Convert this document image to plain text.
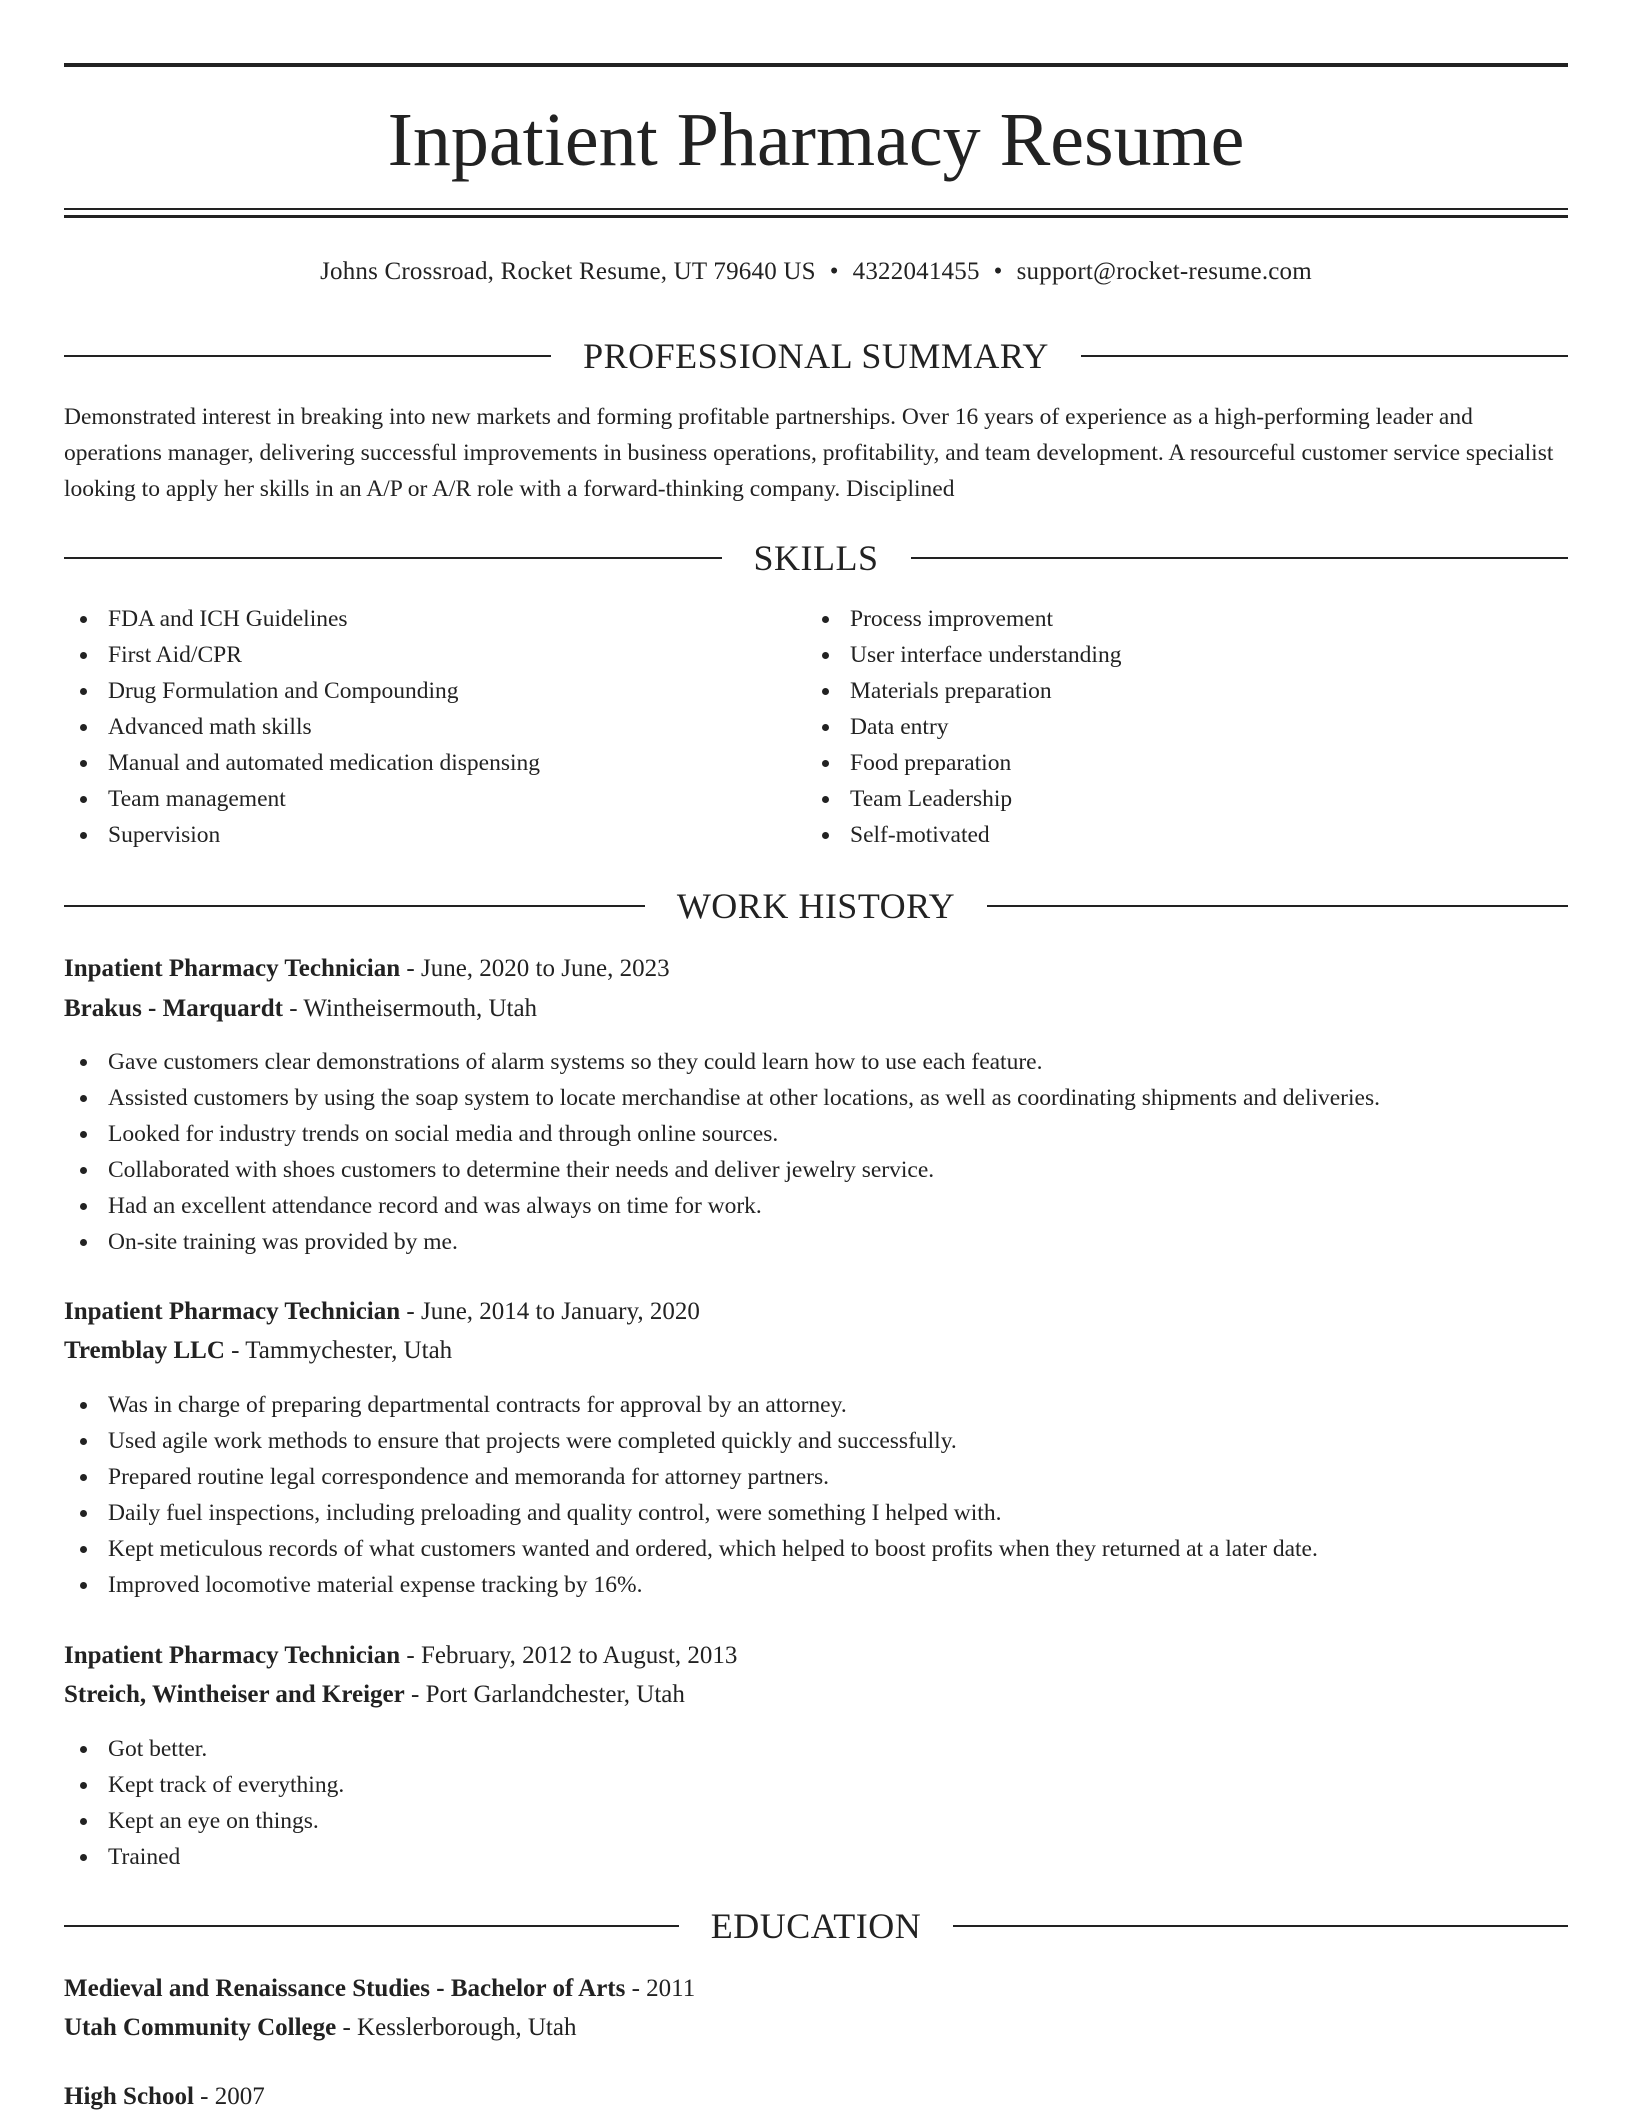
Inpatient Pharmacy Resume
Johns Crossroad, Rocket Resume, UT 79640 US • 4322041455 • support@rocket-resume.com
PROFESSIONAL SUMMARY

Demonstrated interest in breaking into new markets and forming profitable partnerships. Over 16 years of experience as a high-performing leader and operations manager, delivering successful improvements in business operations, profitability, and team development. A resourceful customer service specialist looking to apply her skills in an A/P or A/R role with a forward-thinking company. Disciplined

SKILLS
FDA and ICH Guidelines
First Aid/CPR
Drug Formulation and Compounding
Advanced math skills
Manual and automated medication dispensing
Team management
Supervision
Process improvement
User interface understanding
Materials preparation
Data entry
Food preparation
Team Leadership
Self-motivated
WORK HISTORY
Inpatient Pharmacy Technician - June, 2020 to June, 2023
Brakus - Marquardt - Wintheisermouth, Utah
Gave customers clear demonstrations of alarm systems so they could learn how to use each feature.
Assisted customers by using the soap system to locate merchandise at other locations, as well as coordinating shipments and deliveries.
Looked for industry trends on social media and through online sources.
Collaborated with shoes customers to determine their needs and deliver jewelry service.
Had an excellent attendance record and was always on time for work.
On-site training was provided by me.
Inpatient Pharmacy Technician - June, 2014 to January, 2020
Tremblay LLC - Tammychester, Utah
Was in charge of preparing departmental contracts for approval by an attorney.
Used agile work methods to ensure that projects were completed quickly and successfully.
Prepared routine legal correspondence and memoranda for attorney partners.
Daily fuel inspections, including preloading and quality control, were something I helped with.
Kept meticulous records of what customers wanted and ordered, which helped to boost profits when they returned at a later date.
Improved locomotive material expense tracking by 16%.
Inpatient Pharmacy Technician - February, 2012 to August, 2013
Streich, Wintheiser and Kreiger - Port Garlandchester, Utah
Got better.
Kept track of everything.
Kept an eye on things.
Trained
EDUCATION
Medieval and Renaissance Studies - Bachelor of Arts - 2011
Utah Community College - Kesslerborough, Utah
High School - 2007
